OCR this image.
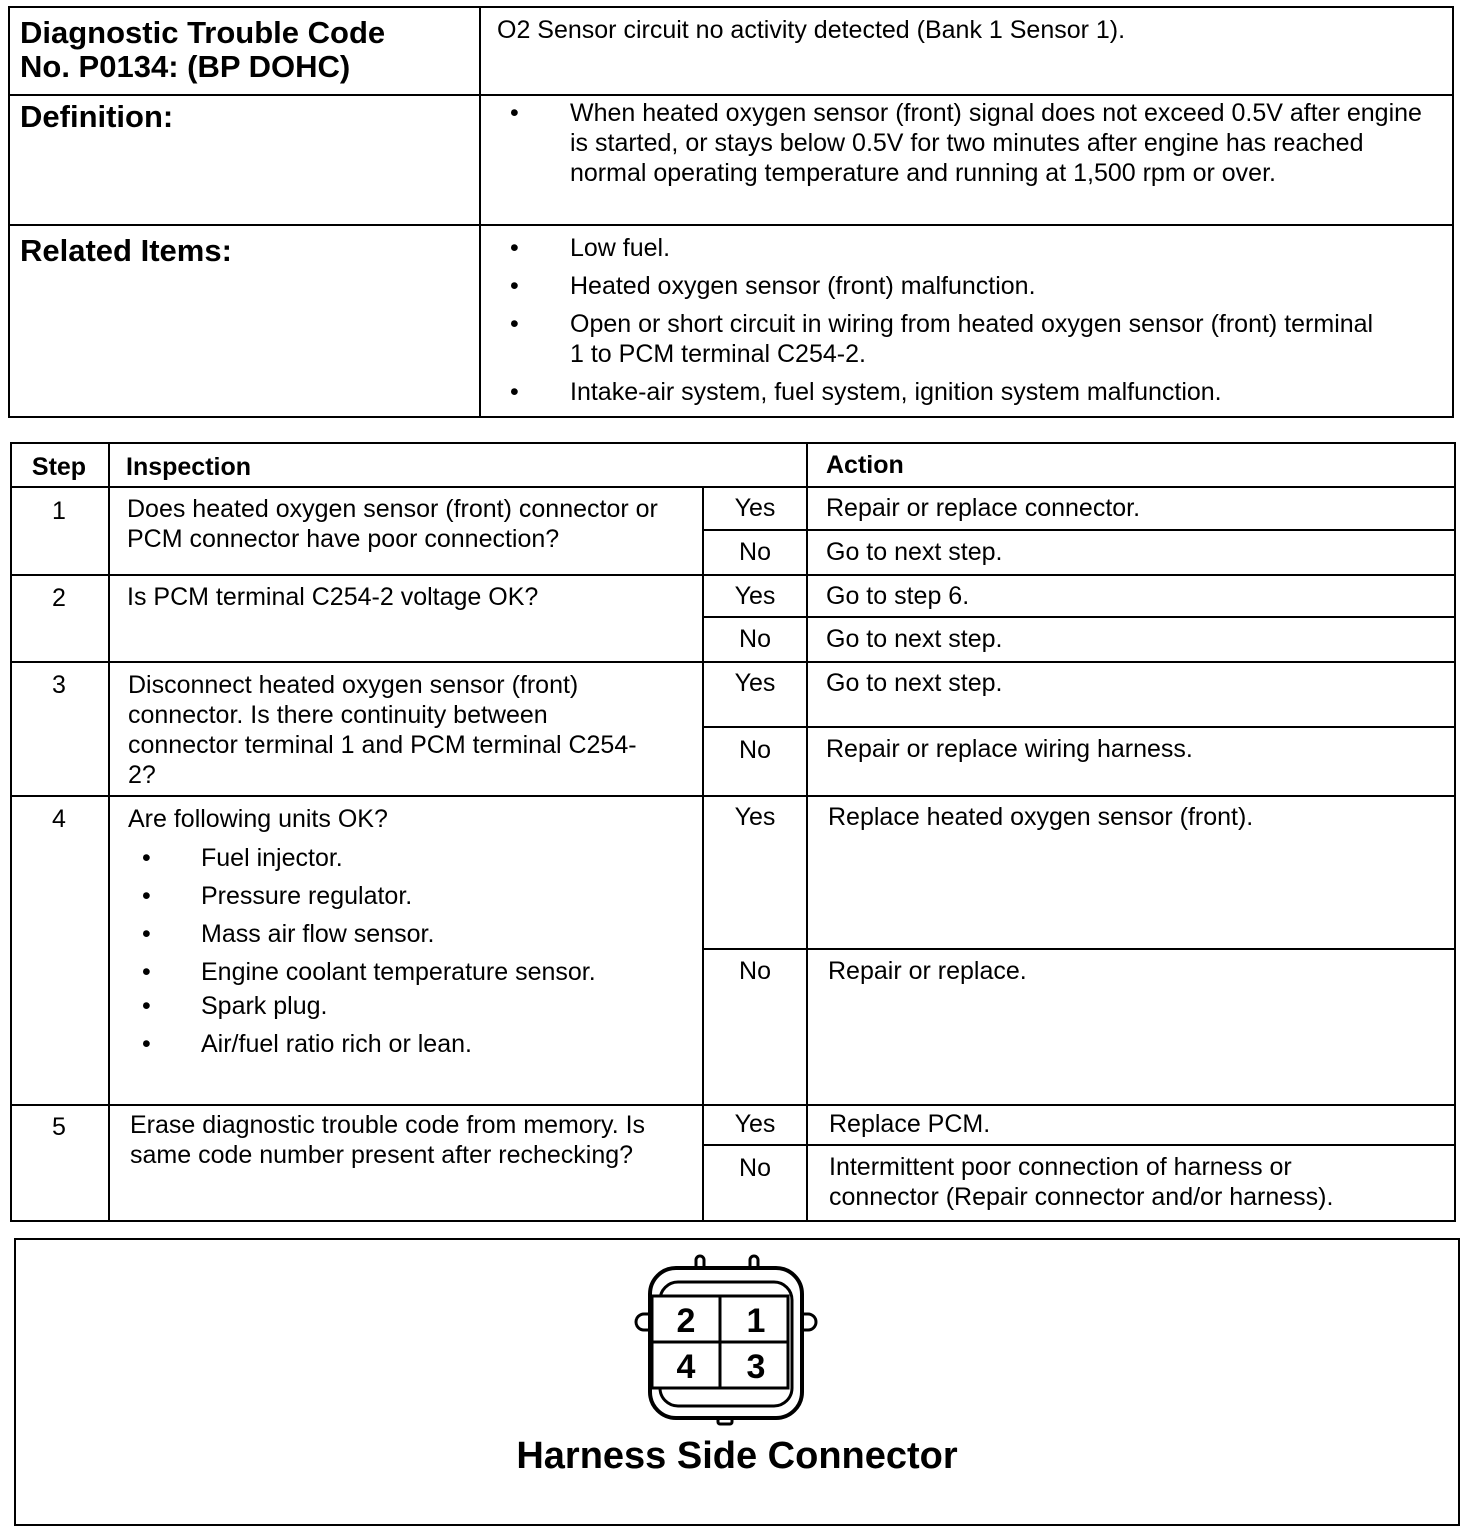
Diagnostic Trouble Code
No. P0134: (BP DOHC)
O2 Sensor circuit no activity detected (Bank 1 Sensor 1).
Definition:	• When heated oxygen sensor (front) signal does not exceed 0.5V after engine is started, or stays below 0.5V for two minutes after engine has reached normal operating temperature and running at 1,500 rpm or over.
Related Items:	• Low fuel.
• Heated oxygen sensor (front) malfunction.
• Open or short circuit in wiring from heated oxygen sensor (front) terminal 1 to PCM terminal C254-2.
• Intake-air system, fuel system, ignition system malfunction.
Step	Inspection	Action
1	Does heated oxygen sensor (front) connector or PCM connector have poor connection?
Yes	Repair or replace connector.
No	Go to next step.
2	Is PCM terminal C254-2 voltage OK?	Yes	Go to step 6.
No	Go to next step.
3	Disconnect heated oxygen sensor (front) connector. Is there continuity between connector terminal 1 and PCM terminal C254-2?
Yes	Go to next step.
No	Repair or replace wiring harness.
4	Are following units OK?
• Fuel injector.
• Pressure regulator.
• Mass air flow sensor.
• Engine coolant temperature sensor.
• Spark plug.
• Air/fuel ratio rich or lean.
Yes	Replace heated oxygen sensor (front).
No	Repair or replace.
5	Erase diagnostic trouble code from memory. Is same code number present after rechecking?
Yes	Replace PCM.
No	Intermittent poor connection of harness or connector (Repair connector and/or harness).
2 1
4 3
Harness Side Connector
